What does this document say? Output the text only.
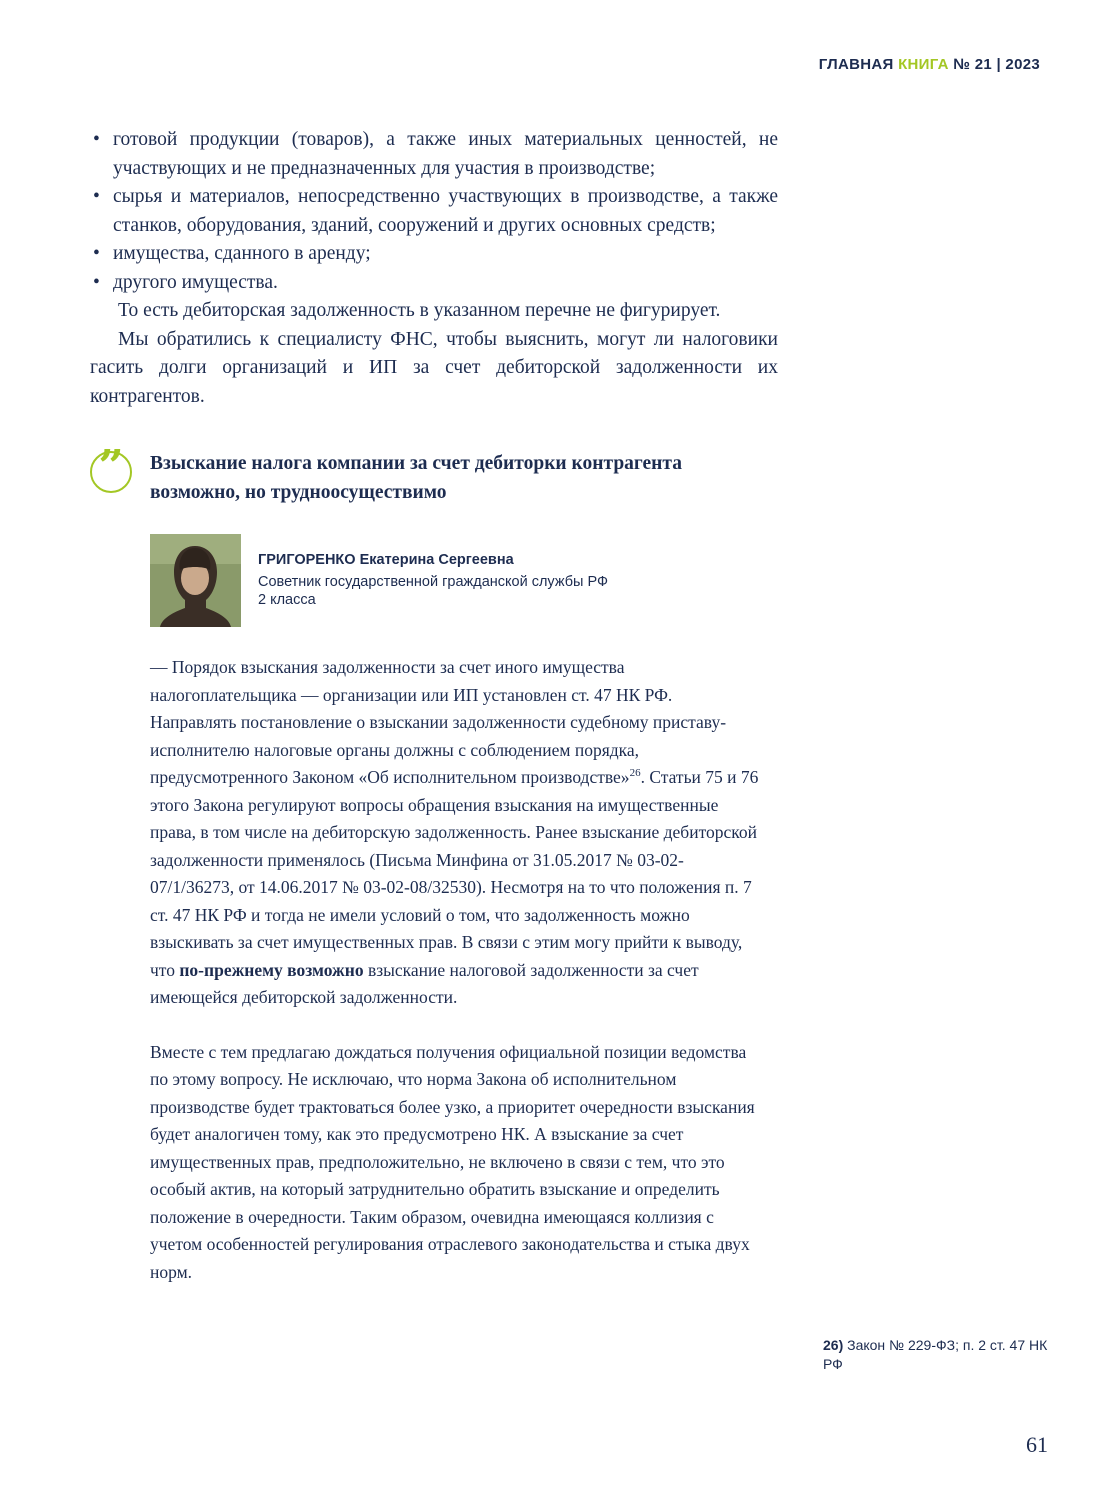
ГЛАВНАЯ КНИГА № 21 | 2023
• готовой продукции (товаров), а также иных материальных ценностей, не участвующих и не предназначенных для участия в производстве;
• сырья и материалов, непосредственно участвующих в производстве, а также станков, оборудования, зданий, сооружений и других основных средств;
• имущества, сданного в аренду;
• другого имущества.

То есть дебиторская задолженность в указанном перечне не фигурирует.

Мы обратились к специалисту ФНС, чтобы выяснить, могут ли налоговики гасить долги организаций и ИП за счет дебиторской задолженности их контрагентов.

”	Взыскание налога компании за счет дебиторки контрагента возможно, но трудноосуществимо
ГРИГОРЕНКО Екатерина Сергеевна
Советник государственной гражданской службы РФ
2 класса

— Порядок взыскания задолженности за счет иного имущества налогоплательщика — организации или ИП установлен ст. 47 НК РФ. Направлять постановление о взыскании задолженности судебному приставу-исполнителю налоговые органы должны с соблюдением порядка, предусмотренного Законом «Об исполнительном производстве»$^{26}$. Статьи 75 и 76 этого Закона регулируют вопросы обращения взыскания на имущественные права, в том числе на дебиторскую задолженность. Ранее взыскание дебиторской задолженности применялось (Письма Минфина от 31.05.2017 № 03-02-07/1/36273, от 14.06.2017 № 03-02-08/32530). Несмотря на то что положения п. 7 ст. 47 НК РФ и тогда не имели условий о том, что задолженность можно взыскивать за счет имущественных прав. В связи с этим могу прийти к выводу, что по-прежнему возможно взыскание налоговой задолженности за счет имеющейся дебиторской задолженности.

Вместе с тем предлагаю дождаться получения официальной позиции ведомства по этому вопросу. Не исключаю, что норма Закона об исполнительном производстве будет трактоваться более узко, а приоритет очередности взыскания будет аналогичен тому, как это предусмотрено НК. А взыскание за счет имущественных прав, предположительно, не включено в связи с тем, что это особый актив, на который затруднительно обратить взыскание и определить положение в очередности. Таким образом, очевидна имеющаяся коллизия с учетом особенностей регулирования отраслевого законодательства и стыка двух норм.

26) Закон № 229-ФЗ; п. 2 ст. 47 НК РФ
61
